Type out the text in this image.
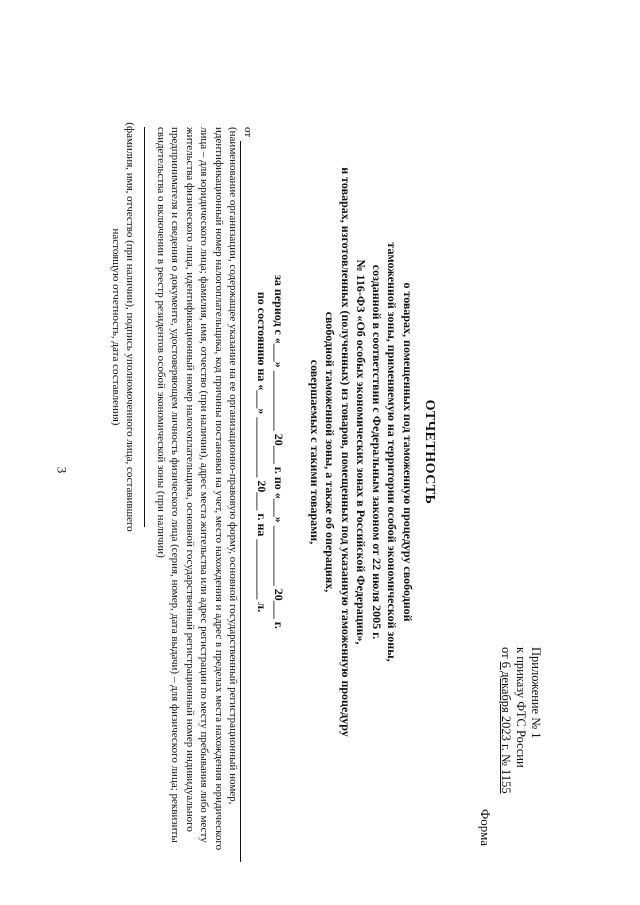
3
Приложение № 1
к приказу ФТС России
от 6 декабря 2023 г. № 1155
Форма
ОТЧЕТНОСТЬ
о товарах, помещенных под таможенную процедуру свободной
таможенной зоны, применяемую на территории особой экономической зоны,
созданной в соответствии с Федеральным законом от 22 июля 2005 г.
№ 116-ФЗ «Об особых экономических зонах в Российской Федерации»,
и товарах, изготовленных (полученных) из товаров, помещенных под указанную таможенную процедуру
свободной таможенной зоны, а также об операциях,
совершаемых с такими товарами,
за период с «___» __________ 20___ г. по «___» __________ 20___ г.
по состоянию на «___» __________ 20___ г. на __________ л.
от
(наименование организации, содержащее указание на ее организационно-правовую форму, основной государственный регистрационный номер, идентификационный номер налогоплательщика, код причины постановки на учет, место нахождения и адрес в пределах места нахождения юридического лица – для юридического лица; фамилия, имя, отчество (при наличии), адрес места жительства или адрес регистрации по месту пребывания либо месту жительства физического лица, идентификационный номер налогоплательщика, основной государственный регистрационный номер индивидуального предпринимателя и сведения о документе, удостоверяющем личность физического лица (серия, номер, дата выдачи) – для физического лица; реквизиты свидетельства о включении в реестр резидентов особой экономической зоны (при наличии)
(фамилия, имя, отчество (при наличии), подпись уполномоченного лица, составившего настоящую отчетность, дата составления)
